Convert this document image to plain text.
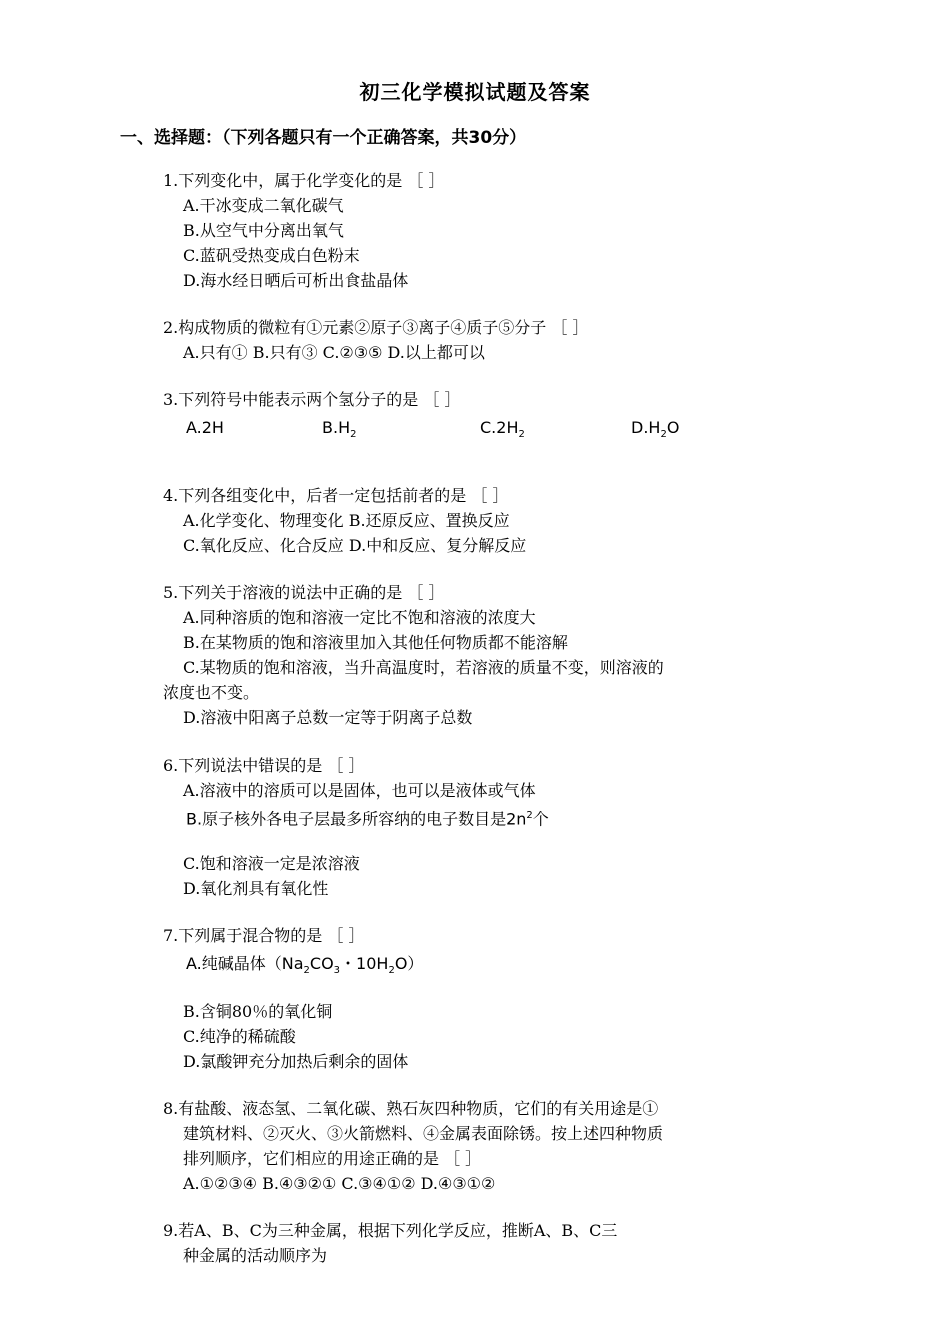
初三化学模拟试题及答案
一、选择题：（下列各题只有一个正确答案，共30分）
1.下列变化中，属于化学变化的是 ［ ］
A.干冰变成二氧化碳气
B.从空气中分离出氧气
C.蓝矾受热变成白色粉末
D.海水经日晒后可析出食盐晶体
2.构成物质的微粒有①元素②原子③离子④质子⑤分子 ［ ］
A.只有① B.只有③ C.②③⑤ D.以上都可以
3.下列符号中能表示两个氢分子的是 ［ ］
A.2H	$B.H_2$	$C.2H_2$	$D.H_2O$
4.下列各组变化中，后者一定包括前者的是 ［ ］
A.化学变化、物理变化 B.还原反应、置换反应
C.氧化反应、化合反应 D.中和反应、复分解反应
5.下列关于溶液的说法中正确的是 ［ ］
A.同种溶质的饱和溶液一定比不饱和溶液的浓度大
B.在某物质的饱和溶液里加入其他任何物质都不能溶解
C.某物质的饱和溶液，当升高温度时，若溶液的质量不变，则溶液的
浓度也不变。
D.溶液中阳离子总数一定等于阴离子总数
6.下列说法中错误的是 ［ ］
A.溶液中的溶质可以是固体，也可以是液体或气体
B.原子核外各电子层最多所容纳的电子数目是$2n^2$个
C.饱和溶液一定是浓溶液
D.氧化剂具有氧化性
7.下列属于混合物的是 ［ ］
A.纯碱晶体（$Na_2CO_3$・$10H_2O$）
B.含铜80％的氧化铜
C.纯净的稀硫酸
D.氯酸钾充分加热后剩余的固体
8.有盐酸、液态氢、二氧化碳、熟石灰四种物质，它们的有关用途是①
建筑材料、②灭火、③火箭燃料、④金属表面除锈。按上述四种物质
排列顺序，它们相应的用途正确的是 ［ ］
A.①②③④ B.④③②① C.③④①② D.④③①②
9.若A、B、C为三种金属，根据下列化学反应，推断A、B、C三
种金属的活动顺序为
